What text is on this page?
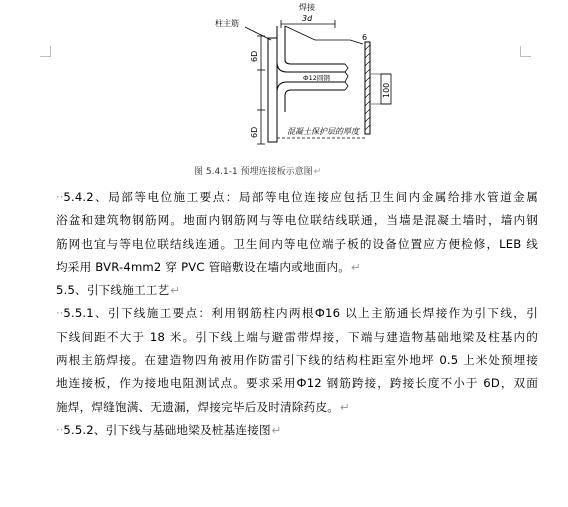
柱主筋
焊接
3d
Ф12圆钢
6
100
6D
6D	混凝土保护层的厚度
图 5.4.1-1 预埋连接板示意图↵
··5.4.2、局部等电位施工要点：局部等电位连接应包括卫生间内金属给排水管道金属
浴盆和建筑物钢筋网。地面内钢筋网与等电位联结线联通，当墙是混凝土墙时，墙内钢
筋网也宜与等电位联结线连通。卫生间内等电位端子板的设备位置应方便检修，LEB 线
均采用 BVR-4mm2 穿 PVC 管暗敷设在墙内或地面内。↵
5.5、引下线施工工艺↵
··5.5.1、引下线施工要点：利用钢筋柱内两根Ф16 以上主筋通长焊接作为引下线，引
下线间距不大于 18 米。引下线上端与避雷带焊接，下端与建造物基础地梁及柱基内的
两根主筋焊接。在建造物四角被用作防雷引下线的结构柱距室外地坪 0.5 上米处预埋接
地连接板，作为接地电阻测试点。要求采用Ф12 钢筋跨接，跨接长度不小于 6D，双面
施焊，焊缝饱满、无遗漏，焊接完毕后及时清除药皮。↵
··5.5.2、引下线与基础地梁及桩基连接图↵
